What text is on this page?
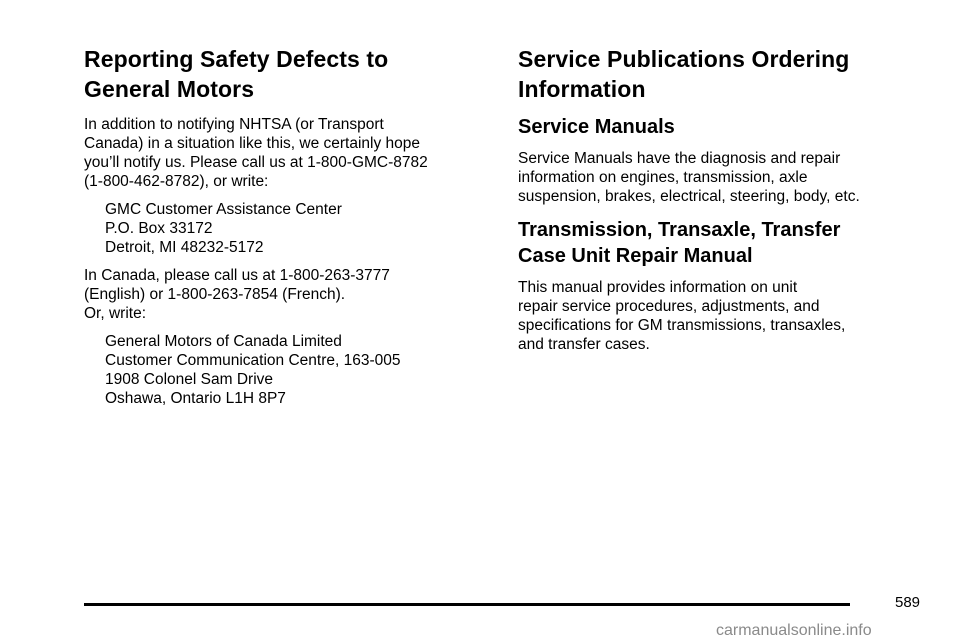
Reporting Safety Defects to
General Motors

In addition to notifying NHTSA (or Transport
Canada) in a situation like this, we certainly hope
you’ll notify us. Please call us at 1-800-GMC-8782
(1-800-462-8782), or write:

GMC Customer Assistance Center
P.O. Box 33172
Detroit, MI 48232-5172

In Canada, please call us at 1-800-263-3777
(English) or 1-800-263-7854 (French).
Or, write:

General Motors of Canada Limited
Customer Communication Centre, 163-005
1908 Colonel Sam Drive
Oshawa, Ontario L1H 8P7
Service Publications Ordering
Information
Service Manuals

Service Manuals have the diagnosis and repair
information on engines, transmission, axle
suspension, brakes, electrical, steering, body, etc.

Transmission, Transaxle, Transfer
Case Unit Repair Manual

This manual provides information on unit
repair service procedures, adjustments, and
specifications for GM transmissions, transaxles,
and transfer cases.

589
carmanualsonline.info
